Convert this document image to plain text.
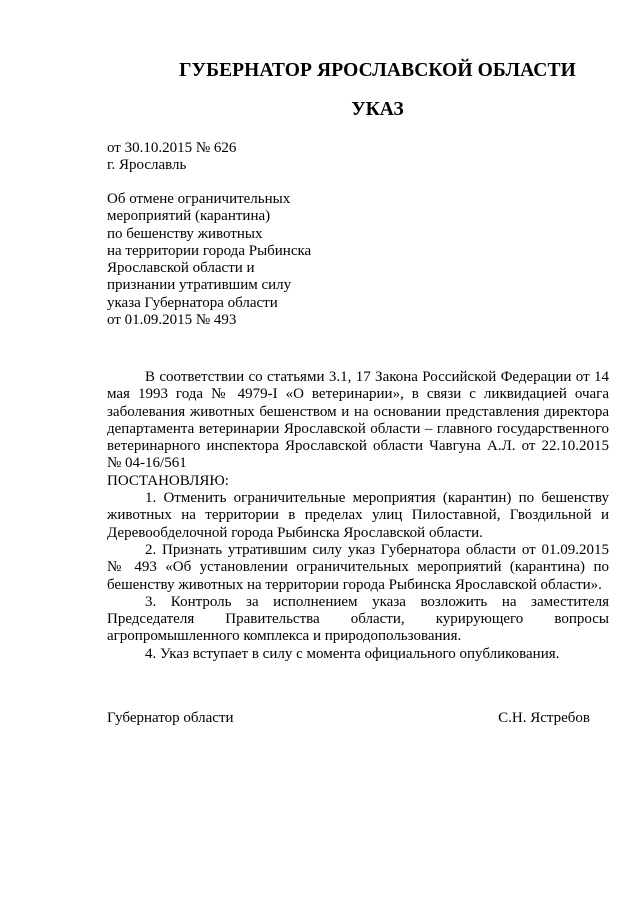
ГУБЕРНАТОР ЯРОСЛАВСКОЙ ОБЛАСТИ
УКАЗ
от 30.10.2015 № 626
г. Ярославль
Об отмене ограничительных
мероприятий (карантина)
по бешенству животных
на территории города Рыбинска
Ярославской области и
признании утратившим силу
указа Губернатора области
от 01.09.2015 № 493

В соответствии со статьями 3.1, 17 Закона Российской Федерации от 14 мая 1993 года № 4979-I «О ветеринарии», в связи с ликвидацией очага заболевания животных бешенством и на основании представления директора департамента ветеринарии Ярославской области – главного государственного ветеринарного инспектора Ярославской области Чавгуна А.Л. от 22.10.2015 № 04-16/561

ПОСТАНОВЛЯЮ:

1. Отменить ограничительные мероприятия (карантин) по бешенству животных на территории в пределах улиц Пилоставной, Гвоздильной и Деревообделочной города Рыбинска Ярославской области.

2. Признать утратившим силу указ Губернатора области от 01.09.2015 № 493 «Об установлении ограничительных мероприятий (карантина) по бешенству животных на территории города Рыбинска Ярославской области».

3. Контроль за исполнением указа возложить на заместителя Председателя Правительства области, курирующего вопросы агропромышленного комплекса и природопользования.

4. Указ вступает в силу с момента официального опубликования.

Губернатор области	С.Н. Ястребов
